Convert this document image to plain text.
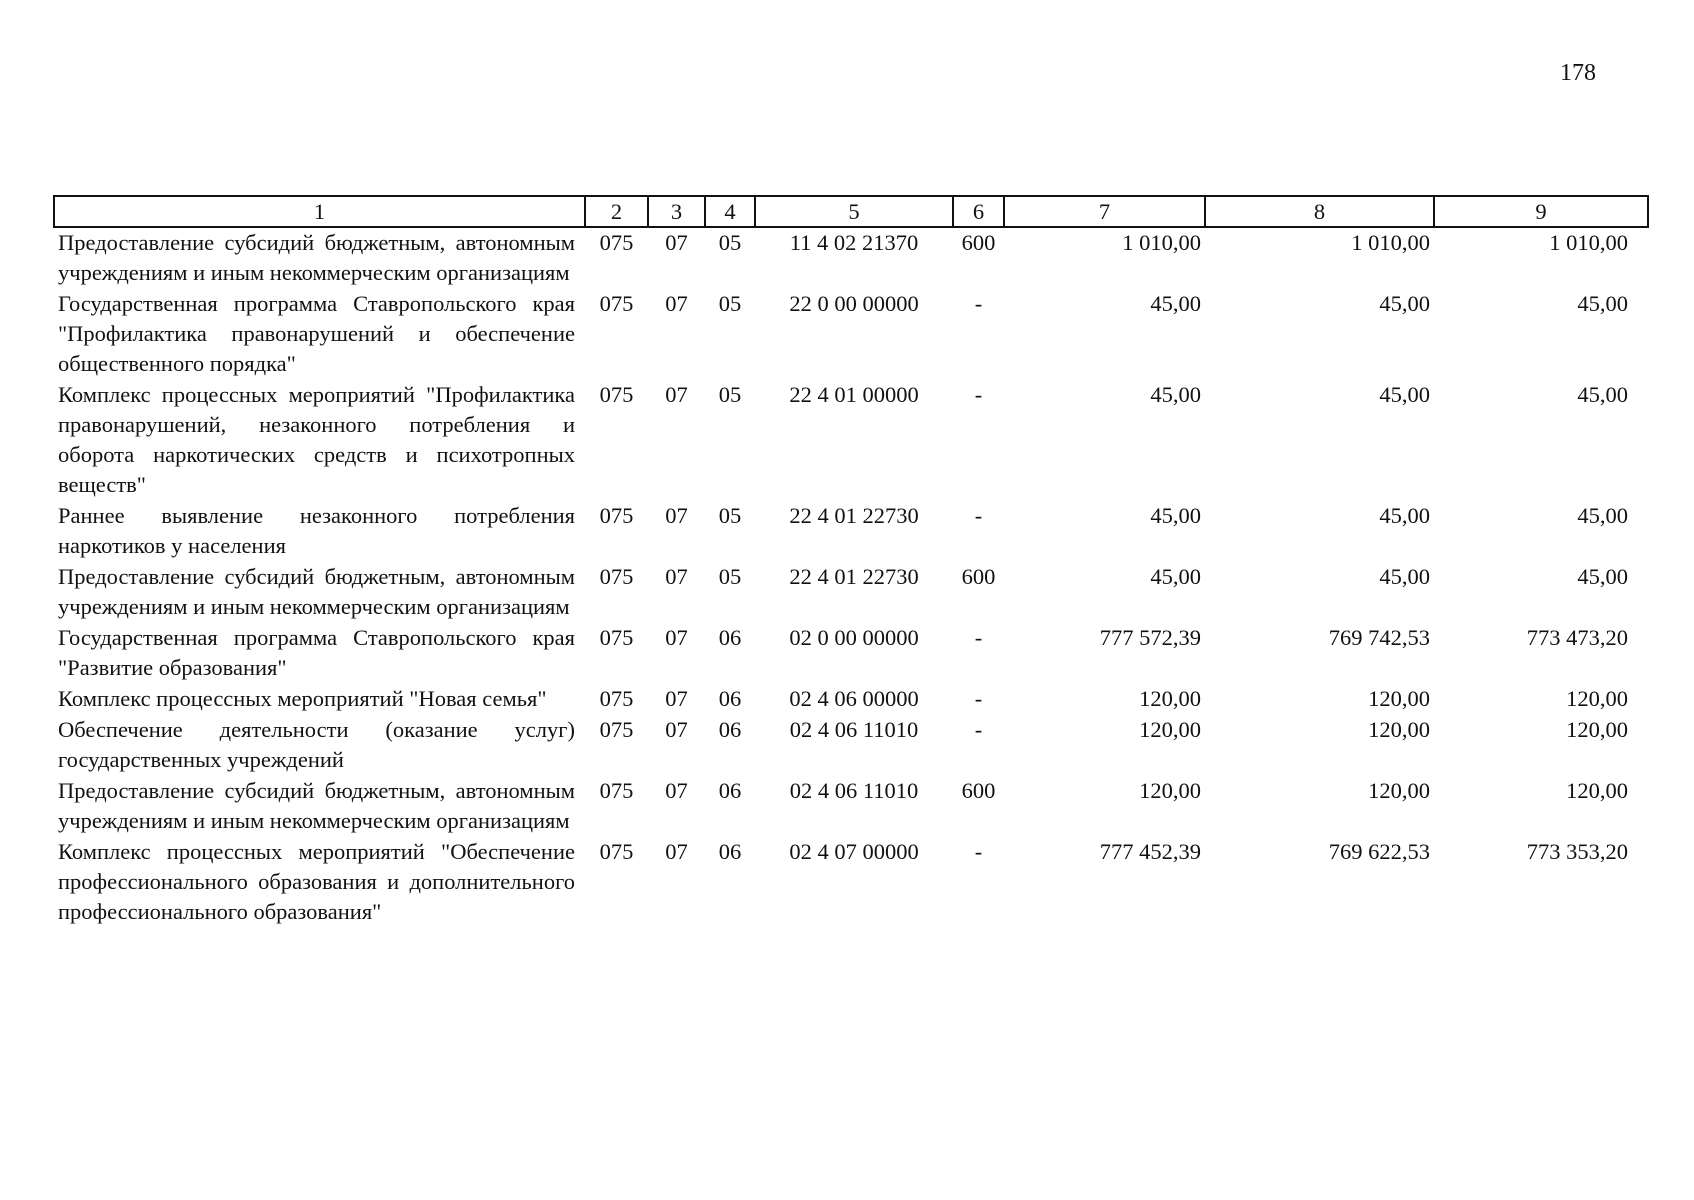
178
1	2	3	4	5	6	7	8	9
Предоставление субсидий бюджетным, автономным учреждениям и иным некоммерческим организациям	075	07	05	11 4 02 21370	600	1 010,00	1 010,00	1 010,00
Государственная программа Ставропольского края "Профилактика правонарушений и обеспечение общественного порядка"	075	07	05	22 0 00 00000	-	45,00	45,00	45,00
Комплекс процессных мероприятий "Профилактика правонарушений, незаконного потребления и оборота наркотических средств и психотропных веществ"	075	07	05	22 4 01 00000	-	45,00	45,00	45,00
Раннее выявление незаконного потребления наркотиков у населения	075	07	05	22 4 01 22730	-	45,00	45,00	45,00
Предоставление субсидий бюджетным, автономным учреждениям и иным некоммерческим организациям	075	07	05	22 4 01 22730	600	45,00	45,00	45,00
Государственная программа Ставропольского края "Развитие образования"	075	07	06	02 0 00 00000	-	777 572,39	769 742,53	773 473,20
Комплекс процессных мероприятий "Новая семья"	075	07	06	02 4 06 00000	-	120,00	120,00	120,00
Обеспечение деятельности (оказание услуг) государственных учреждений	075	07	06	02 4 06 11010	-	120,00	120,00	120,00
Предоставление субсидий бюджетным, автономным учреждениям и иным некоммерческим организациям	075	07	06	02 4 06 11010	600	120,00	120,00	120,00
Комплекс процессных мероприятий "Обеспечение профессионального образования и дополнительного профессионального образования"	075	07	06	02 4 07 00000	-	777 452,39	769 622,53	773 353,20
